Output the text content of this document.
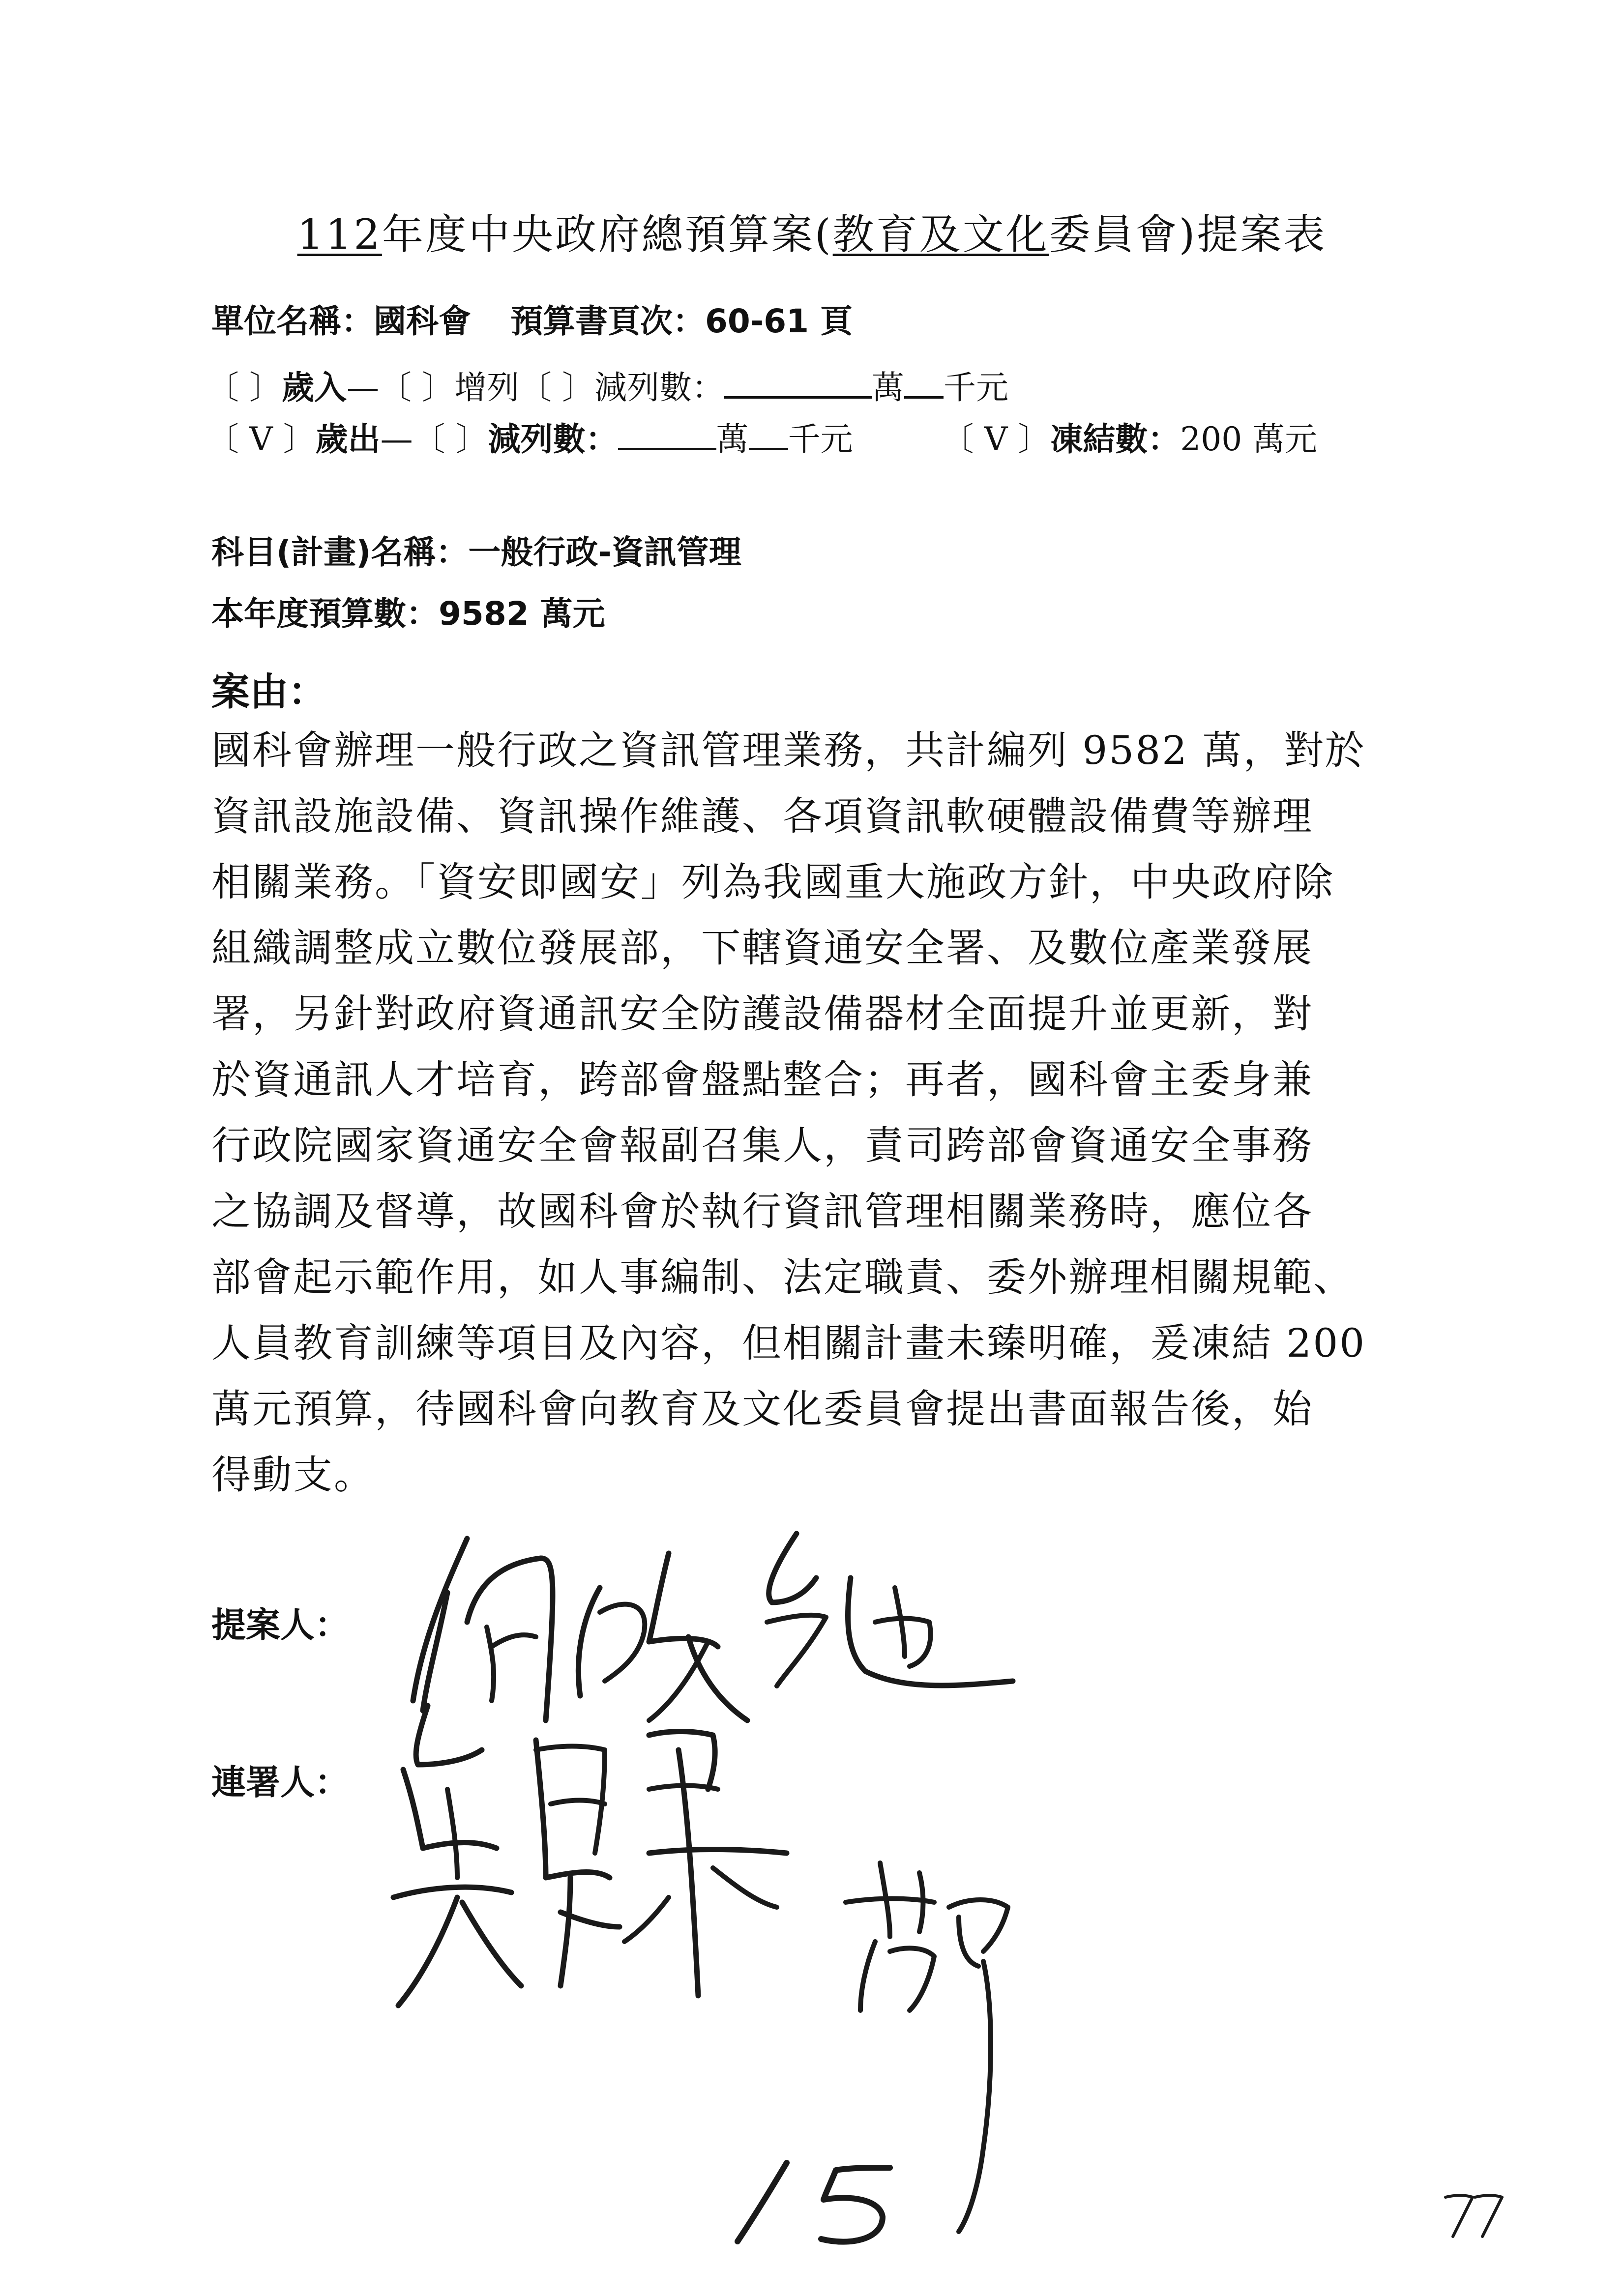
112年度中央政府總預算案(教育及文化委員會)提案表
單位名稱：國科會 預算書頁次：60-61 頁
〔 〕歲入—〔 〕增列〔 〕減列數：	萬 千元
〔 V 〕歲出—〔 〕減列數：	萬 千元	〔 V 〕凍結數：200 萬元
科目(計畫)名稱：一般行政-資訊管理
本年度預算數：9582 萬元
案由：
國科會辦理一般行政之資訊管理業務，共計編列 9582 萬，對於
資訊設施設備、資訊操作維護、各項資訊軟硬體設備費等辦理
相關業務。「資安即國安」列為我國重大施政方針，中央政府除
組織調整成立數位發展部，下轄資通安全署、及數位產業發展
署，另針對政府資通訊安全防護設備器材全面提升並更新，對
於資通訊人才培育，跨部會盤點整合；再者，國科會主委身兼
行政院國家資通安全會報副召集人，責司跨部會資通安全事務
之協調及督導，故國科會於執行資訊管理相關業務時，應位各
部會起示範作用，如人事編制、法定職責、委外辦理相關規範、
人員教育訓練等項目及內容，但相關計畫未臻明確，爰凍結 200
萬元預算，待國科會向教育及文化委員會提出書面報告後，始
得動支。
提案人：
連署人：
